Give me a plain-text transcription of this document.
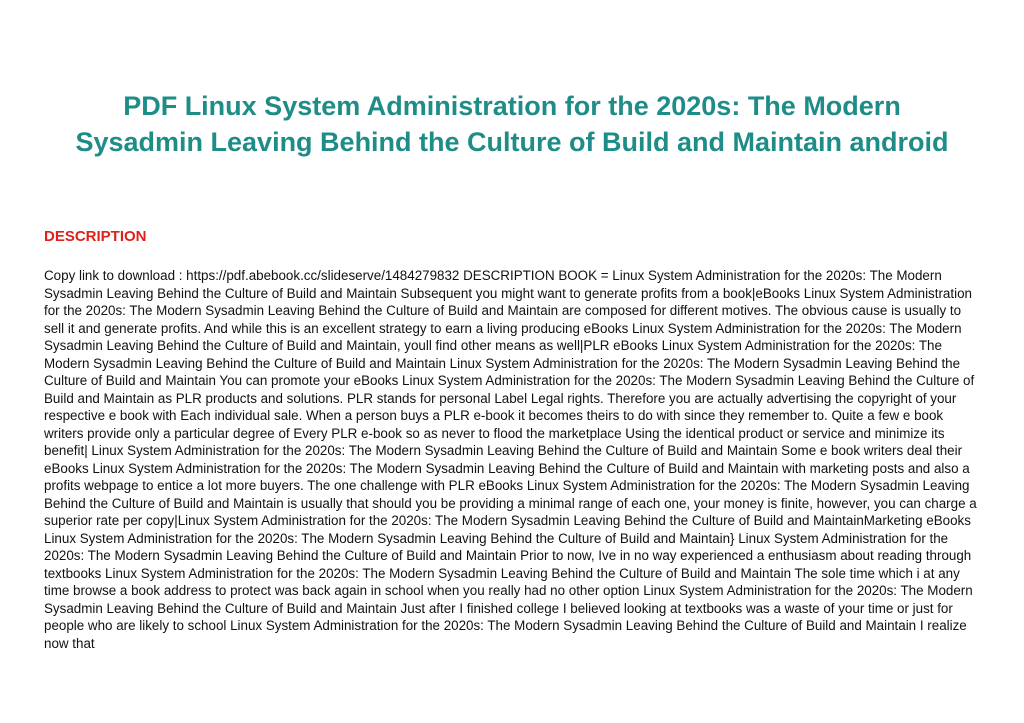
PDF Linux System Administration for the 2020s: The Modern Sysadmin Leaving Behind the Culture of Build and Maintain android
DESCRIPTION

Copy link to download : https://pdf.abebook.cc/slideserve/1484279832 DESCRIPTION BOOK = Linux System Administration for the 2020s: The Modern Sysadmin Leaving Behind the Culture of Build and Maintain Subsequent you might want to generate profits from a book|eBooks Linux System Administration for the 2020s: The Modern Sysadmin Leaving Behind the Culture of Build and Maintain are composed for different motives. The obvious cause is usually to sell it and generate profits. And while this is an excellent strategy to earn a living producing eBooks Linux System Administration for the 2020s: The Modern Sysadmin Leaving Behind the Culture of Build and Maintain, youll find other means as well|PLR eBooks Linux System Administration for the 2020s: The Modern Sysadmin Leaving Behind the Culture of Build and Maintain Linux System Administration for the 2020s: The Modern Sysadmin Leaving Behind the Culture of Build and Maintain You can promote your eBooks Linux System Administration for the 2020s: The Modern Sysadmin Leaving Behind the Culture of Build and Maintain as PLR products and solutions. PLR stands for personal Label Legal rights. Therefore you are actually advertising the copyright of your respective e book with Each individual sale. When a person buys a PLR e-book it becomes theirs to do with since they remember to. Quite a few e book writers provide only a particular degree of Every PLR e-book so as never to flood the marketplace Using the identical product or service and minimize its benefit| Linux System Administration for the 2020s: The Modern Sysadmin Leaving Behind the Culture of Build and Maintain Some e book writers deal their eBooks Linux System Administration for the 2020s: The Modern Sysadmin Leaving Behind the Culture of Build and Maintain with marketing posts and also a profits webpage to entice a lot more buyers. The one challenge with PLR eBooks Linux System Administration for the 2020s: The Modern Sysadmin Leaving Behind the Culture of Build and Maintain is usually that should you be providing a minimal range of each one, your money is finite, however, you can charge a superior rate per copy|Linux System Administration for the 2020s: The Modern Sysadmin Leaving Behind the Culture of Build and MaintainMarketing eBooks Linux System Administration for the 2020s: The Modern Sysadmin Leaving Behind the Culture of Build and Maintain} Linux System Administration for the 2020s: The Modern Sysadmin Leaving Behind the Culture of Build and Maintain Prior to now, Ive in no way experienced a enthusiasm about reading through textbooks Linux System Administration for the 2020s: The Modern Sysadmin Leaving Behind the Culture of Build and Maintain The sole time which i at any time browse a book address to protect was back again in school when you really had no other option Linux System Administration for the 2020s: The Modern Sysadmin Leaving Behind the Culture of Build and Maintain Just after I finished college I believed looking at textbooks was a waste of your time or just for people who are likely to school Linux System Administration for the 2020s: The Modern Sysadmin Leaving Behind the Culture of Build and Maintain I realize now that
